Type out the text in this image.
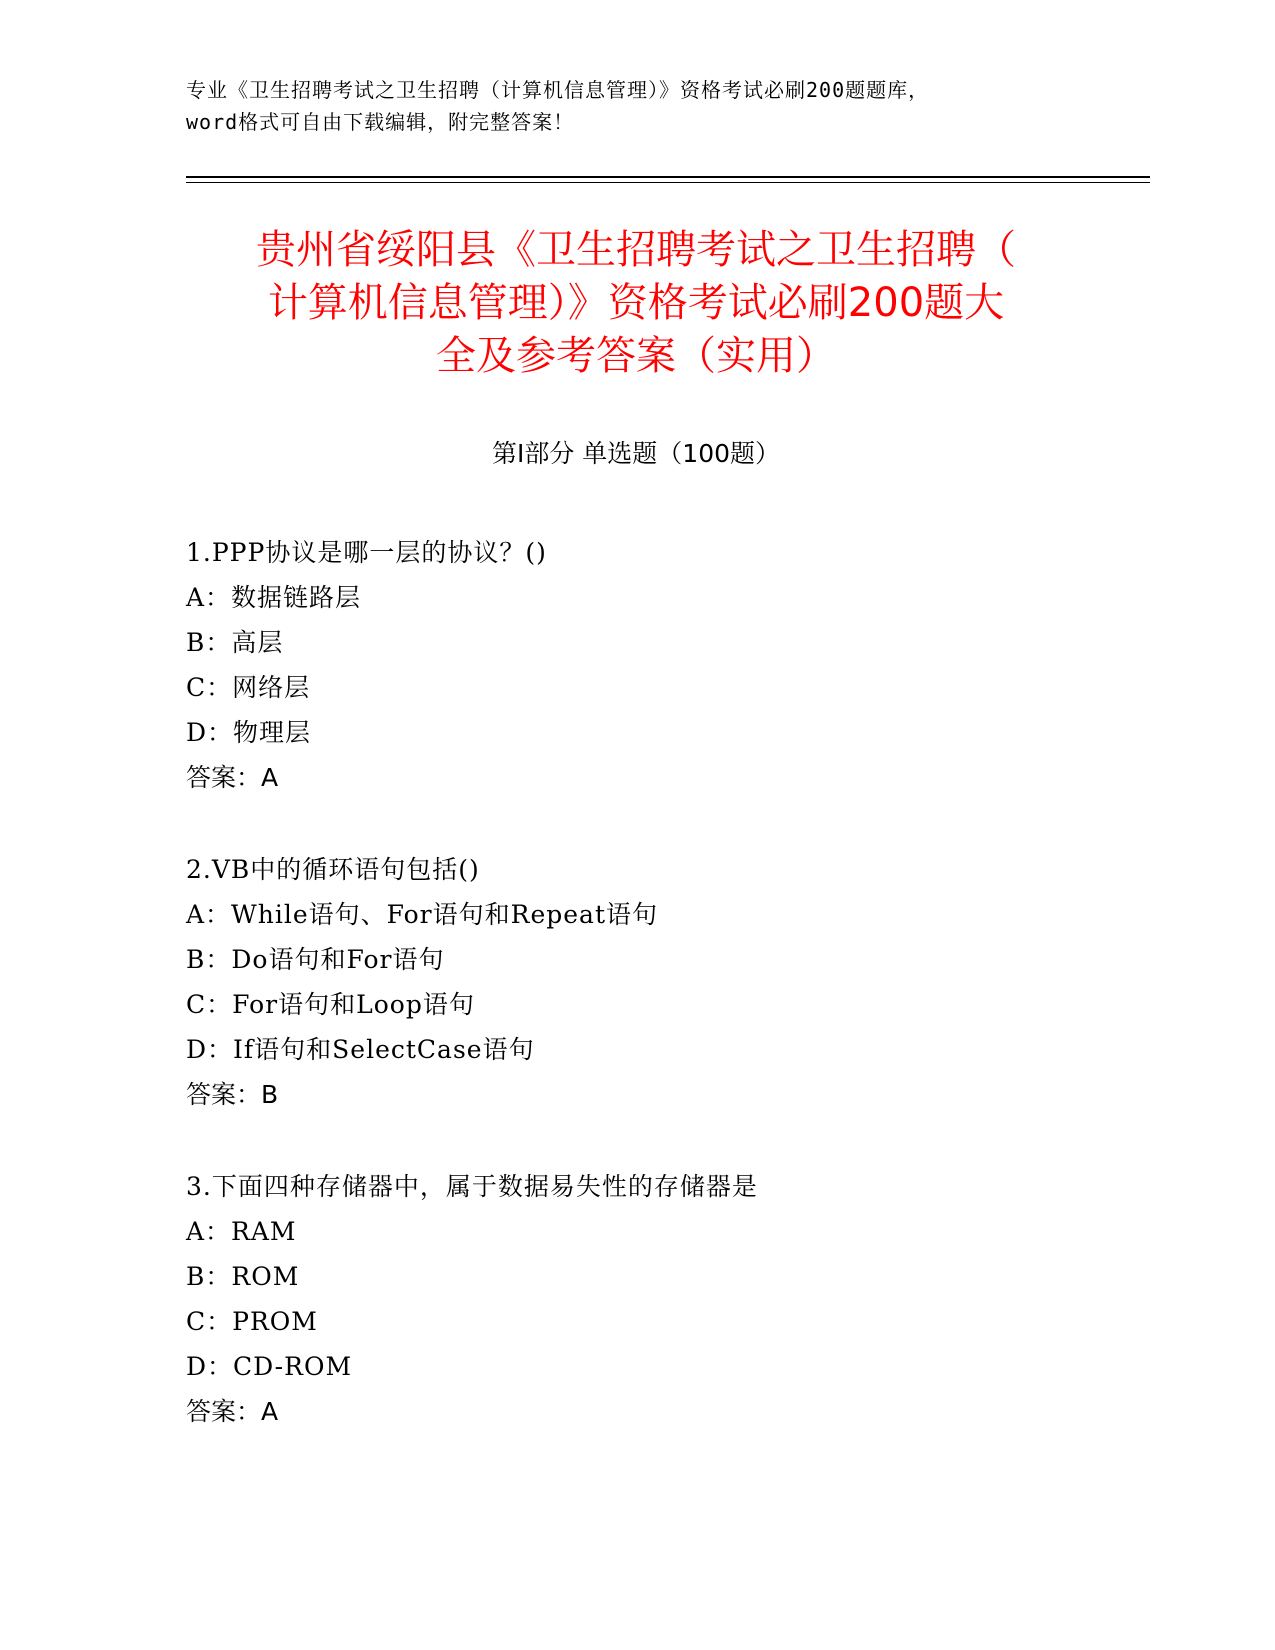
专业《卫生招聘考试之卫生招聘（计算机信息管理）》资格考试必刷200题题库，
word格式可自由下载编辑，附完整答案！
贵州省绥阳县《卫生招聘考试之卫生招聘（
计算机信息管理）》资格考试必刷200题大
全及参考答案（实用）
第Ⅰ部分 单选题（100题）
1.PPP协议是哪一层的协议？()
A：数据链路层
B：高层
C：网络层
D：物理层
答案：A
2.VB中的循环语句包括()
A：While语句、For语句和Repeat语句
B：Do语句和For语句
C：For语句和Loop语句
D：If语句和SelectCase语句
答案：B
3.下面四种存储器中，属于数据易失性的存储器是
A：RAM
B：ROM
C：PROM
D：CD-ROM
答案：A
